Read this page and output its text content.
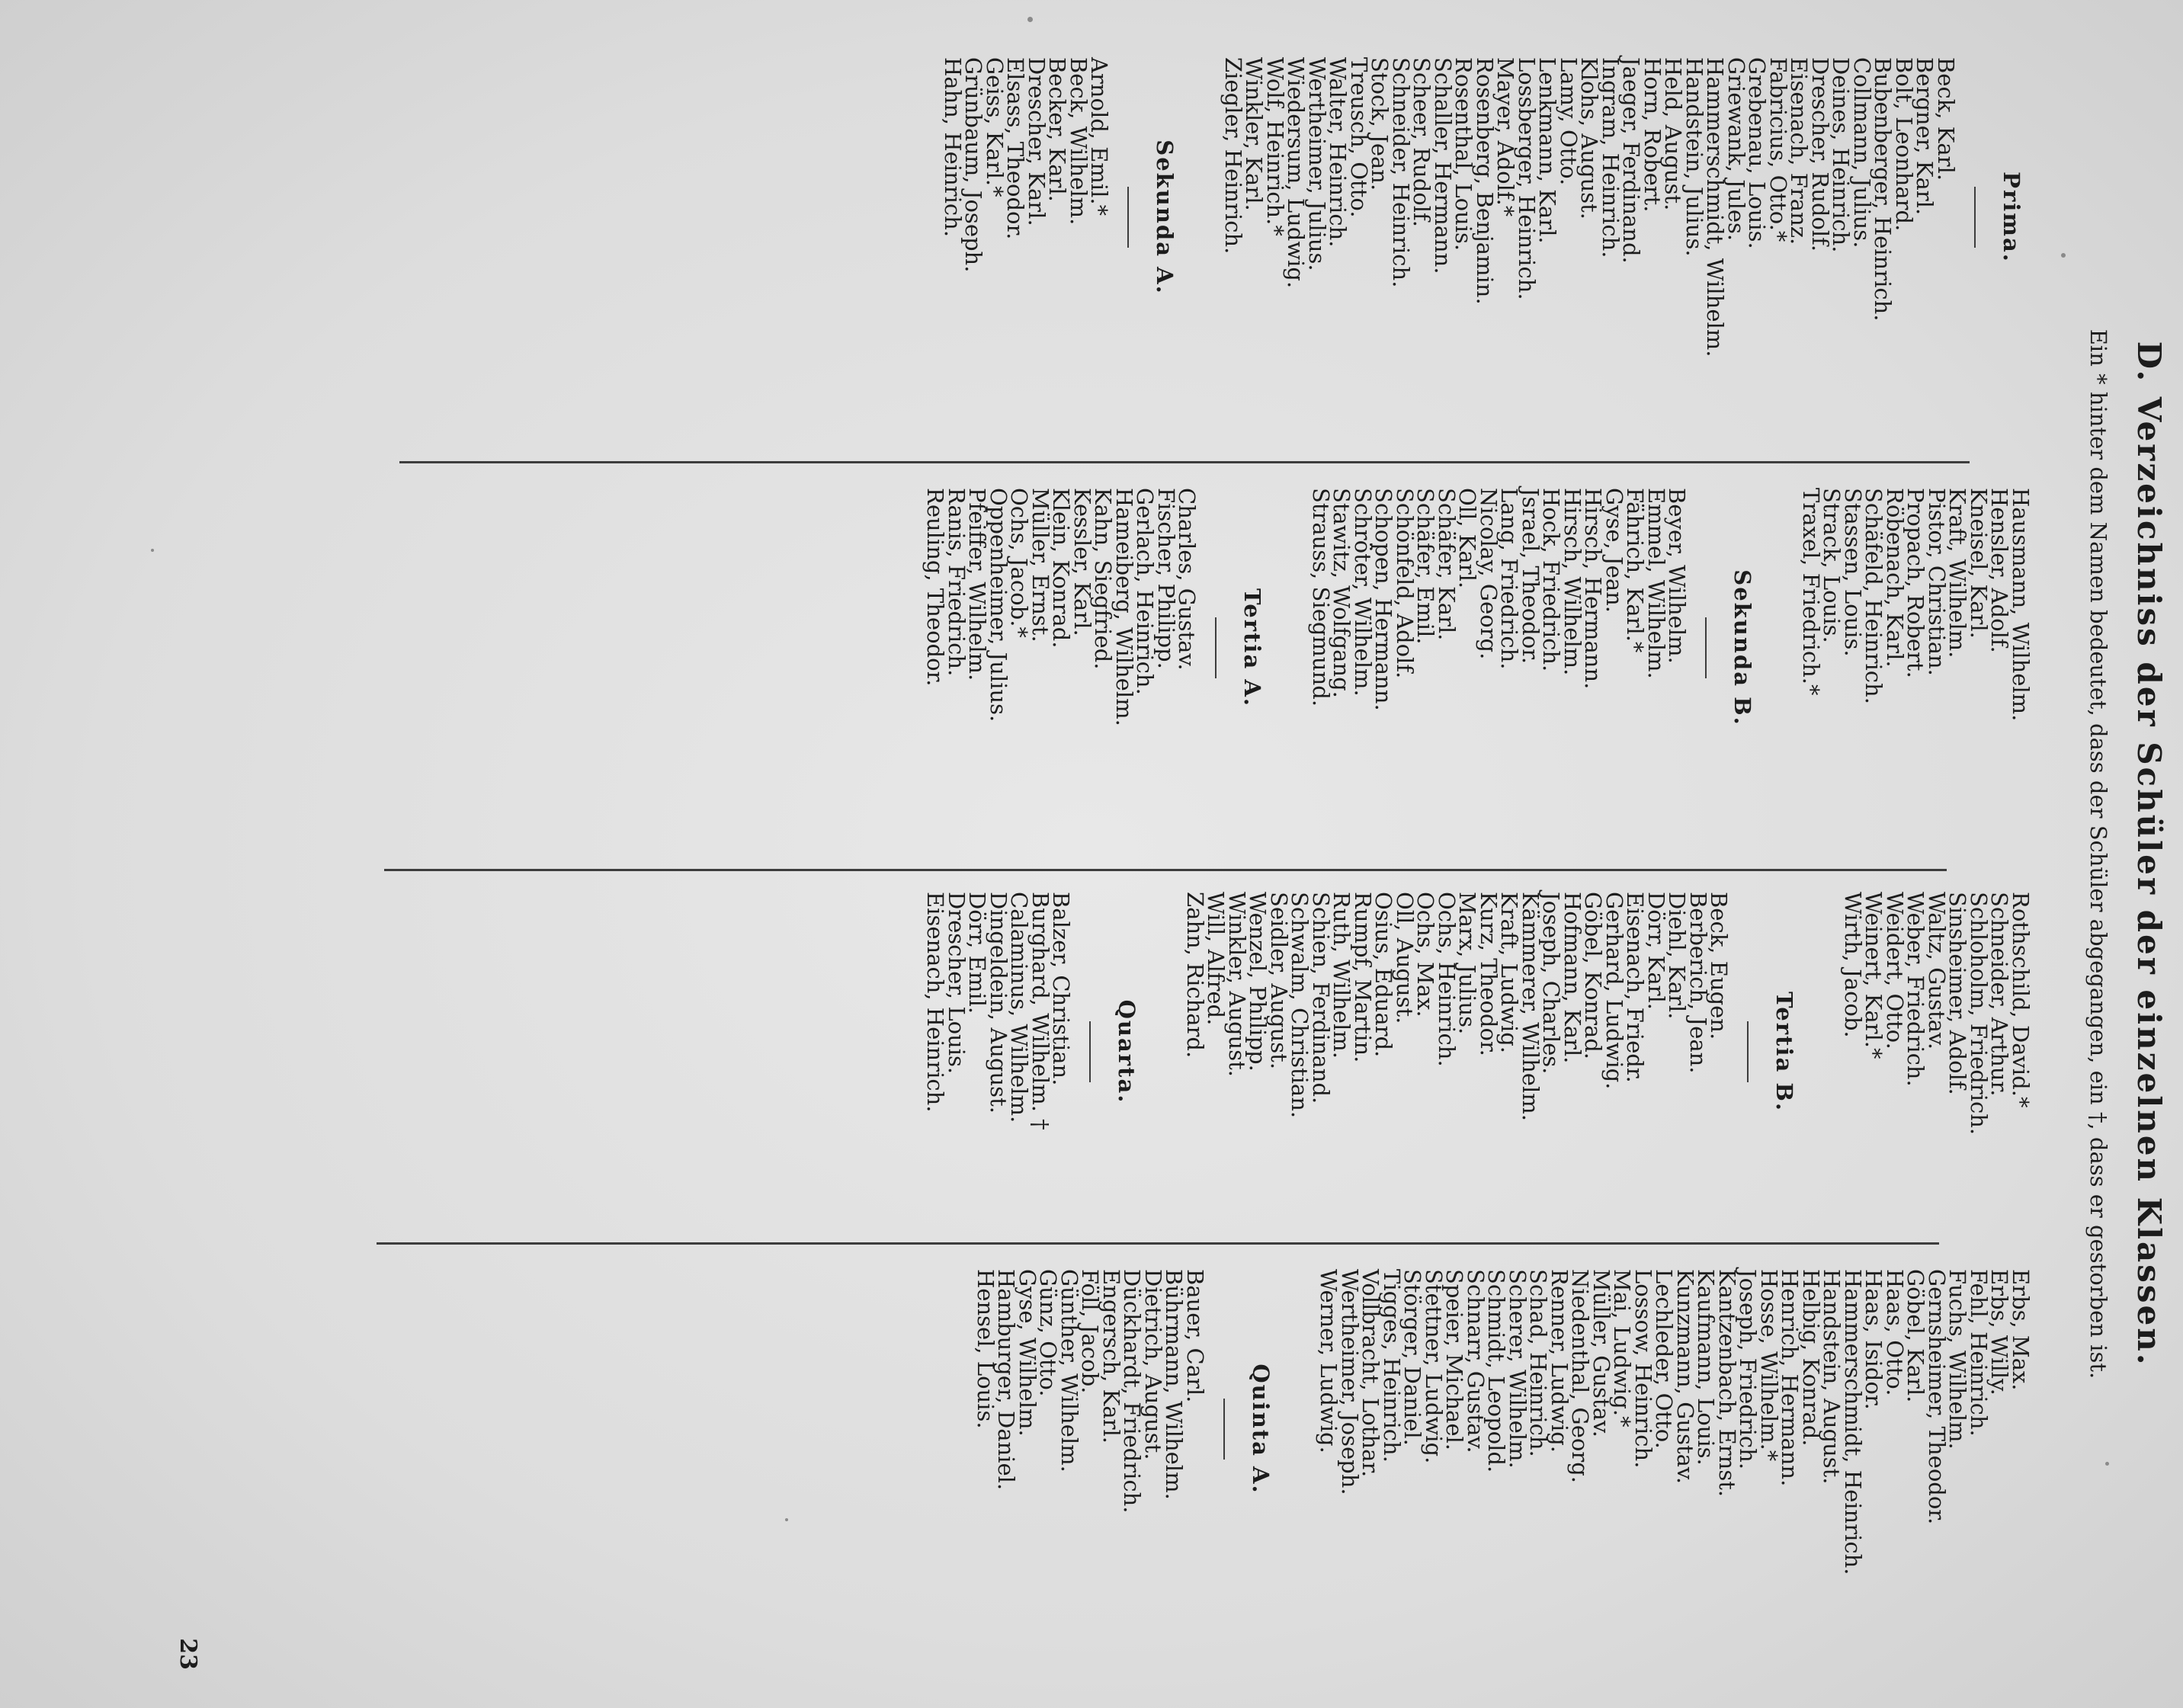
D. Verzeichniss der Schüler der einzelnen Klassen.
Ein * hinter dem Namen bedeutet, dass der Schüler abgegangen, ein †, dass er gestorben ist.
23
Prima.
Beck, Karl.
Bergner, Karl.
Bolt, Leonhard.
Bubenberger, Heinrich.
Collmann, Julius.
Deines, Heinrich.
Drescher, Rudolf.
Eisenach, Franz.
Fabricius, Otto.*
Grebenau, Louis.
Griewank, Jules.
Hammerschmidt, Wilhelm.
Handstein, Julius.
Held, August.
Horn, Robert.
Jaeger, Ferdinand.
Ingram, Heinrich.
Klohs, August.
Lamy, Otto.
Lenkmann, Karl.
Lossberger, Heinrich.
Mayer, Adolf.*
Rosenberg, Benjamin.
Rosenthal, Louis.
Schaller, Hermann.
Scheer, Rudolf.
Schneider, Heinrich.
Stock, Jean.
Treusch, Otto.
Walter, Heinrich.
Wertheimer, Julius.
Wiedersum, Ludwig.
Wolf, Heinrich.*
Winkler, Karl.
Ziegler, Heinrich.
Sekunda A.
Arnold, Emil.*
Beck, Wilhelm.
Becker, Karl.
Drescher, Karl.
Elsass, Theodor.
Geiss, Karl.*
Grünbaum, Joseph.
Hahn, Heinrich.
Hausmann, Wilhelm.
Hensler, Adolf.
Kneisel, Karl.
Kraft, Wilhelm.
Pistor, Christian.
Propach, Robert.
Röbenach, Karl.
Schäfeld, Heinrich.
Stassen, Louis.
Strack, Louis.
Traxel, Friedrich.*
Sekunda B.
Beyer, Wilhelm.
Emmel, Wilhelm.
Fährich, Karl.*
Gyse, Jean.
Hirsch, Hermann.
Hirsch, Wilhelm.
Hock, Friedrich.
Jsrael, Theodor.
Lang, Friedrich.
Nicolay, Georg.
Oll, Karl.
Schäfer, Karl.
Schäfer, Emil.
Schönfeld, Adolf.
Schopen, Hermann.
Schröter, Wilhelm.
Stawitz, Wolfgang.
Strauss, Siegmund.
Tertia A.
Charles, Gustav.
Fischer, Philipp.
Gerlach, Heinrich.
Hameiberg, Wilhelm.
Kahn, Siegfried.
Kessler, Karl.
Klein, Konrad.
Müller, Ernst.
Ochs, Jacob.*
Oppenheimer, Julius.
Pfeiffer, Wilhelm.
Ranis, Friedrich.
Reuling, Theodor.
Rothschild, David.*
Schneider, Arthur.
Schloholm, Friedrich.
Sinsheimer, Adolf.
Waltz, Gustav.
Weber, Friedrich.
Weidert, Otto.
Weinert, Karl.*
Wirth, Jacob.
Tertia B.
Beck, Eugen.
Berberich, Jean.
Diehl, Karl.
Dörr, Karl.
Eisenach, Friedr.
Gerhard, Ludwig.
Göbel, Konrad.
Hofmann, Karl.
Joseph, Charles.
Kämmerer, Wilhelm.
Kraft, Ludwig.
Kurz, Theodor.
Marx, Julius.
Ochs, Heinrich.
Ochs, Max.
Oll, August.
Osius, Eduard.
Rumpf, Martin.
Ruth, Wilhelm.
Schien, Ferdinand.
Schwalm, Christian.
Seidler, August.
Wenzel, Philipp.
Winkler, August.
Will, Alfred.
Zahn, Richard.
Quarta.
Balzer, Christian.
Burghard, Wilhelm. †
Calaminus, Wilhelm.
Dingeldein, August.
Dörr, Emil.
Drescher, Louis.
Eisenach, Heinrich.
Erbs, Max.
Erbs, Willy.
Fehl, Heinrich.
Fuchs, Wilhelm.
Gernsheimer, Theodor.
Göbel, Karl.
Haas, Otto.
Haas, Isidor.
Hammerschmidt, Heinrich.
Handstein, August.
Helbig, Konrad.
Henrich, Hermann.
Hosse, Wilhelm.*
Joseph, Friedrich.
Kantzenbach, Ernst.
Kaufmann, Louis.
Kunzmann, Gustav.
Lechleder, Otto.
Lossow, Heinrich.
Mai, Ludwig.*
Müller, Gustav.
Niedenthal, Georg.
Renner, Ludwig.
Schad, Heinrich.
Scherer, Wilhelm.
Schmidt, Leopold.
Schnarr, Gustav.
Speier, Michael.
Stettner, Ludwig.
Störger, Daniel.
Tigges, Heinrich.
Vollbracht, Lothar.
Wertheimer, Joseph.
Werner, Ludwig.
Quinta A.
Bauer, Carl.
Bührmann, Wilhelm.
Dietrich, August.
Dückhardt, Friedrich.
Engersch, Karl.
Föll, Jacob.
Günther, Wilhelm.
Günz, Otto.
Gyse, Wilhelm.
Hamburger, Daniel.
Hensel, Louis.
